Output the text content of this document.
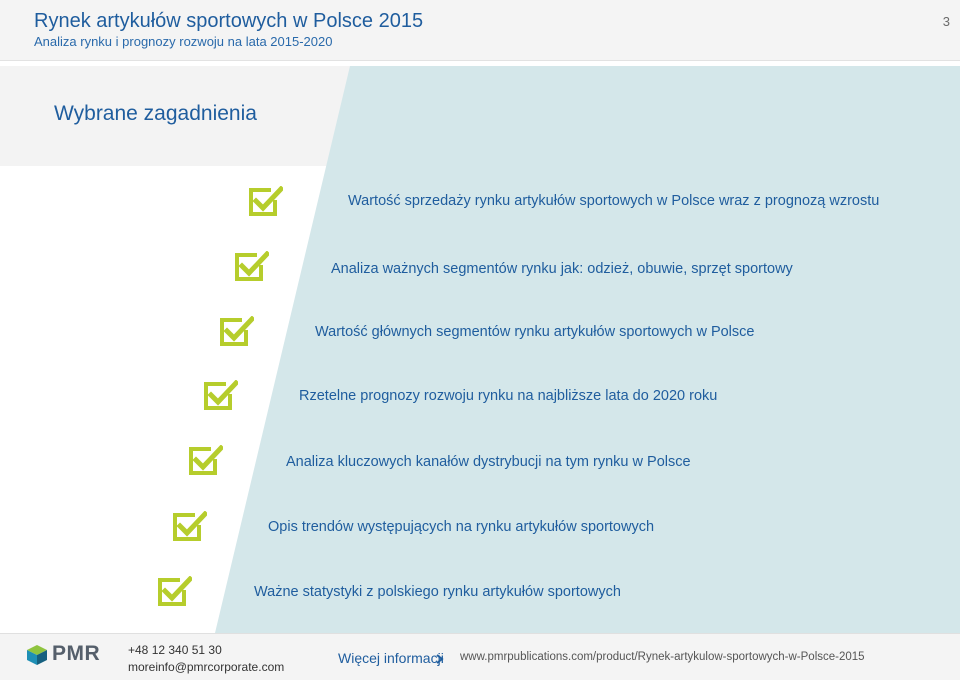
Rynek artykułów sportowych w Polsce 2015
Analiza rynku i prognozy rozwoju na lata 2015-2020
3
Wybrane zagadnienia
Wartość sprzedaży rynku artykułów sportowych w Polsce wraz z prognozą wzrostu
Analiza ważnych segmentów rynku jak: odzież, obuwie, sprzęt sportowy
Wartość głównych segmentów rynku artykułów sportowych w Polsce
Rzetelne prognozy rozwoju rynku na najbliższe lata do 2020 roku
Analiza kluczowych kanałów dystrybucji na tym rynku w Polsce
Opis trendów występujących na rynku artykułów sportowych
Ważne statystyki z polskiego rynku artykułów sportowych
PMR +48 12 340 51 30
moreinfo@pmrcorporate.com
Więcej informacji www.pmrpublications.com/product/Rynek-artykulow-sportowych-w-Polsce-2015
